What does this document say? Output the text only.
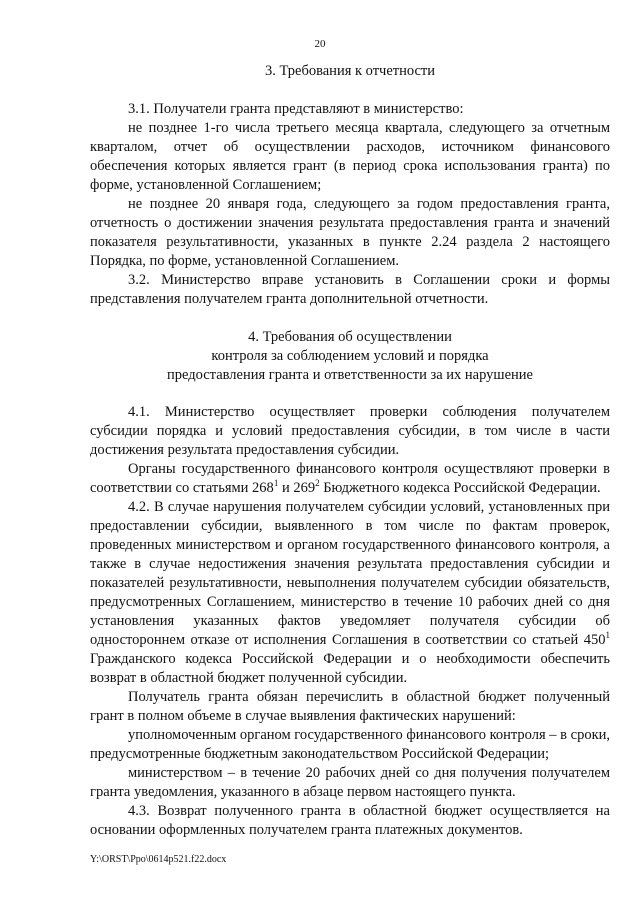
20

3. Требования к отчетности

3.1. Получатели гранта представляют в министерство:

не позднее 1-го числа третьего месяца квартала, следующего за отчетным кварталом, отчет об осуществлении расходов, источником финансового обеспечения которых является грант (в период срока использования гранта) по форме, установленной Соглашением;

не позднее 20 января года, следующего за годом предоставления гранта, отчетность о достижении значения результата предоставления гранта и значений показателя результативности, указанных в пункте 2.24 раздела 2 настоящего Порядка, по форме, установленной Соглашением.

3.2. Министерство вправе установить в Соглашении сроки и формы представления получателем гранта дополнительной отчетности.

4. Требования об осуществлении

контроля за соблюдением условий и порядка

предоставления гранта и ответственности за их нарушение

4.1. Министерство осуществляет проверки соблюдения получателем субсидии порядка и условий предоставления субсидии, в том числе в части достижения результата предоставления субсидии.

Органы государственного финансового контроля осуществляют проверки в соответствии со статьями $268^1$ и $269^2$ Бюджетного кодекса Российской Федерации.

4.2. В случае нарушения получателем субсидии условий, установленных при предоставлении субсидии, выявленного в том числе по фактам проверок, проведенных министерством и органом государственного финансового контроля, а также в случае недостижения значения результата предоставления субсидии и показателей результативности, невыполнения получателем субсидии обязательств, предусмотренных Соглашением, министерство в течение 10 рабочих дней со дня установления указанных фактов уведомляет получателя субсидии об одностороннем отказе от исполнения Соглашения в соответствии со статьей $450^1$ Гражданского кодекса Российской Федерации и о необходимости обеспечить возврат в областной бюджет полученной субсидии.

Получатель гранта обязан перечислить в областной бюджет полученный грант в полном объеме в случае выявления фактических нарушений:

уполномоченным органом государственного финансового контроля – в сроки, предусмотренные бюджетным законодательством Российской Федерации;

министерством – в течение 20 рабочих дней со дня получения получателем гранта уведомления, указанного в абзаце первом настоящего пункта.

4.3. Возврат полученного гранта в областной бюджет осуществляется на основании оформленных получателем гранта платежных документов.

Y:\ORST\Ppo\0614p521.f22.docx
